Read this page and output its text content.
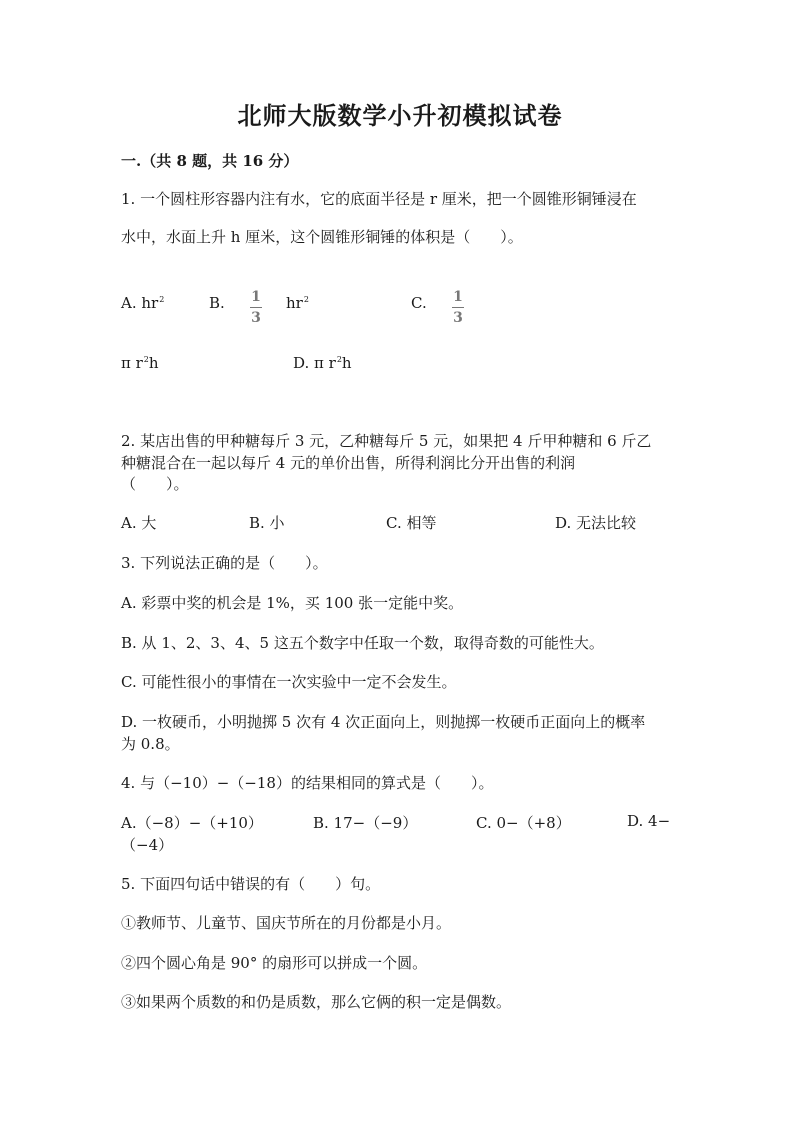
北师大版数学小升初模拟试卷
一.（共 8 题，共 16 分）
1. 一个圆柱形容器内注有水，它的底面半径是 r 厘米，把一个圆锥形铜锤浸在
水中，水面上升 h 厘米，这个圆锥形铜锤的体积是（　　）。
A. $hr^2$	B. 1
3
$hr^2$	C. 1
3
π $r^2h$	D. π $r^2h$
2. 某店出售的甲种糖每斤 3 元，乙种糖每斤 5 元，如果把 4 斤甲种糖和 6 斤乙
种糖混合在一起以每斤 4 元的单价出售，所得利润比分开出售的利润
（　　）。
A. 大	B. 小	C. 相等	D. 无法比较
3. 下列说法正确的是（　　）。
A. 彩票中奖的机会是 1%，买 100 张一定能中奖。
B. 从 1、2、3、4、5 这五个数字中任取一个数，取得奇数的可能性大。
C. 可能性很小的事情在一次实验中一定不会发生。
D. 一枚硬币，小明抛掷 5 次有 4 次正面向上，则抛掷一枚硬币正面向上的概率
为 0.8。
4. 与（−10）−（−18）的结果相同的算式是（　　）。
A.（−8）−（+10）	B. 17−（−9）	C. 0−（+8）	D. 4−
（−4）
5. 下面四句话中错误的有（　　）句。
①教师节、儿童节、国庆节所在的月份都是小月。
②四个圆心角是 90° 的扇形可以拼成一个圆。
③如果两个质数的和仍是质数，那么它俩的积一定是偶数。
